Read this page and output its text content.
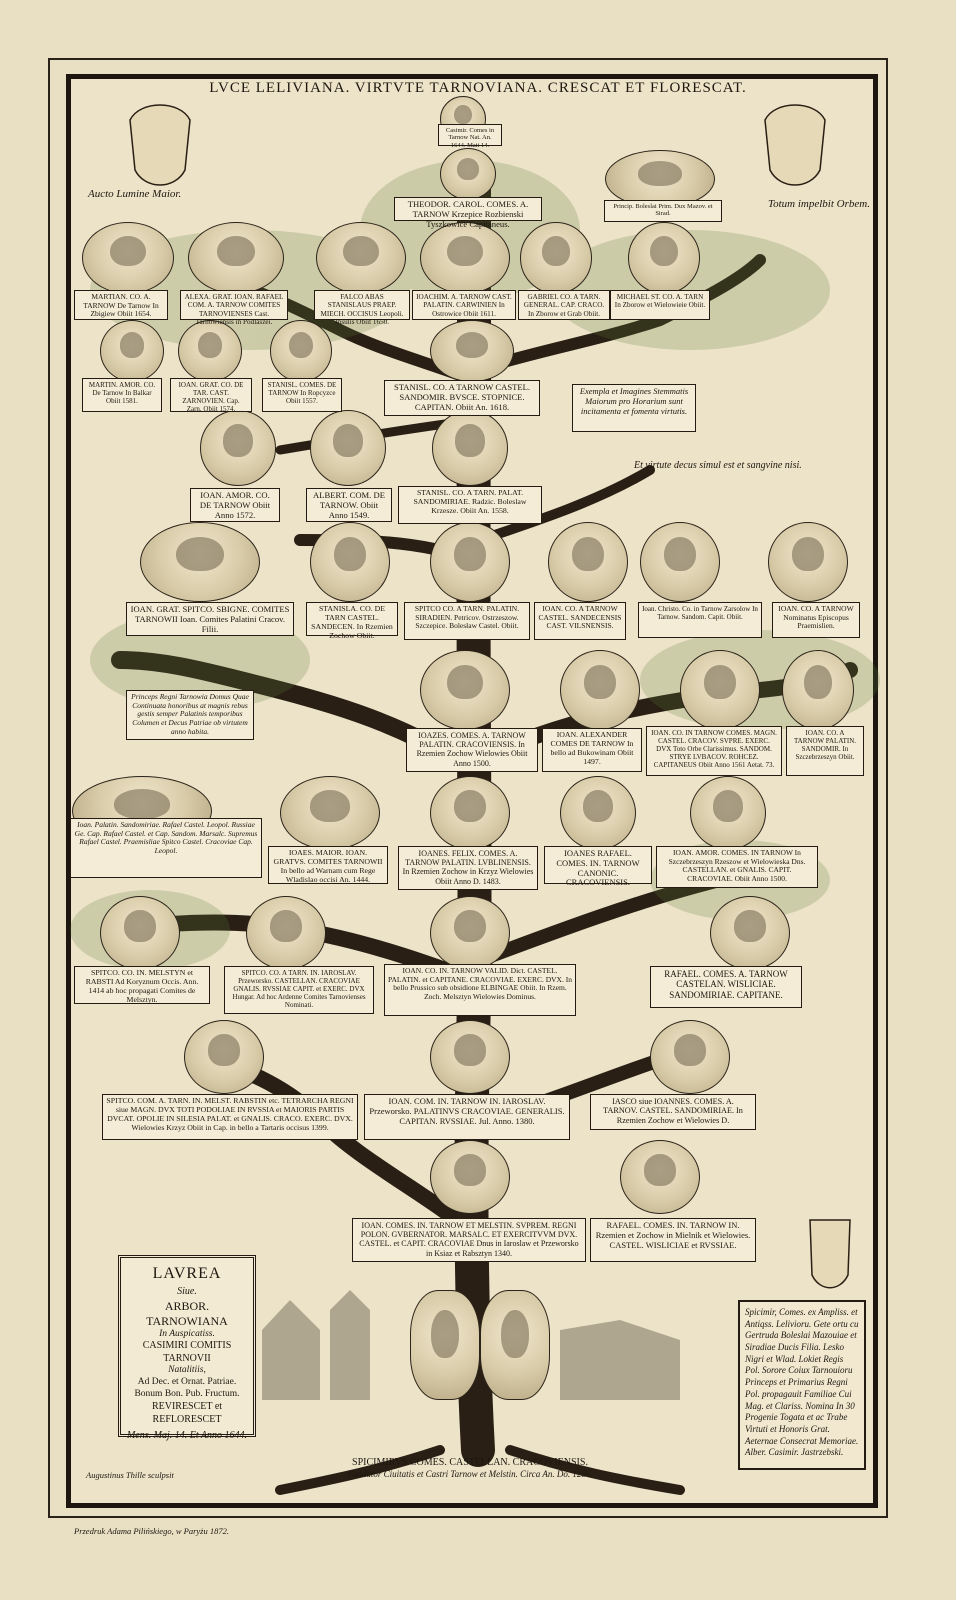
LVCE LELIVIANA. VIRTVTE TARNOVIANA. CRESCAT ET FLORESCAT.
Aucto Lumine Maior.
Totum impelbit Orbem.
Et virtute decus simul est et sangvine nisi.
Casimir. Comes in Tarnow Nat. An. 1644. Maii 14.
THEODOR. CAROL. COMES. A. TARNOW Krzepice Rozbienski Tyszkowice Capitaneus.
Princip. Boleslai Prim. Dux Mazov. et Sirad.
MARTIAN. CO. A. TARNOW De Tarnow In Zbigiew Obiit 1654.
ALEXA. GRAT. IOAN. RAFAEL COM. A. TARNOW COMITES TARNOVIENSES Cast. Tarnowiensis in Podlaszei.
FALCO ABAS STANISLAUS PRAEP. MIECH. OCCISUS Leopoli. Jnsulis Obiit 1650.
IOACHIM. A. TARNOW CAST. PALATIN. CARWINIEN In Ostrowice Obiit 1611.
GABRIEL CO. A TARN. GENERAL. CAP. CRACO. In Zborow et Grab Obiit.
MICHAEL ST. CO. A. TARN In Zborow et Wielowieie Obiit.
MARTIN. AMOR. CO. De Tarnow In Balkar Obiit 1581.
IOAN. GRAT. CO. DE TAR. CAST. ZARNOVIEN. Cap. Zarn. Obiit 1574.
STANISL. COMES. DE TARNOW In Ropcyzce Obiit 1557.
STANISL. CO. A TARNOW CASTEL. SANDOMIR. BVSCE. STOPNICE. CAPITAN. Obiit An. 1618.
Exempla et Imagines Stemmatis Maiorum pro Horarium sunt incitamenta et fomenta virtutis.
IOAN. AMOR. CO. DE TARNOW Obiit Anno 1572.
ALBERT. COM. DE TARNOW. Obiit Anno 1549.
STANISL. CO. A TARN. PALAT. SANDOMIRIAE. Radzic. Boleslaw Krzesze. Obiit An. 1558.
IOAN. GRAT. SPITCO. SBIGNE. COMITES TARNOWII Ioan. Comites Palatini Cracov. Filii.
STANISLA. CO. DE TARN CASTEL. SANDECEN. In Rzemien Zochow Obiit.
SPITCO CO. A TARN. PALATIN. SIRADIEN. Petricov. Ostrzeszow. Szczepice. Bolesław Castel. Obiit.
IOAN. CO. A TARNOW CASTEL. SANDECENSIS CAST. VILSNENSIS.
Ioan. Christo. Co. in Tarnow Zarsolow In Tarnow. Sandom. Capit. Obiit.
IOAN. CO. A TARNOW Nominatus Episcopus Praemislien.
Princeps Regni Tarnowia Domus Quae Continuata honoribus at magnis rebus gestis semper Palatinis temporibus Columen et Decus Patriae ob virtutem anno habita.	IOAZES. COMES. A. TARNOW PALATIN. CRACOVIENSIS. In Rzemien Zochow Wielowies Obiit Anno 1500.
IOAN. ALEXANDER COMES DE TARNOW In bello ad Bukowinam Obiit 1497.
IOAN. CO. IN TARNOW COMES. MAGN. CASTEL. CRACOV. SVPRE. EXERC. DVX Toto Orbe Clarissimus. SANDOM. STRYE LVBACOV. ROHCEZ. CAPITANEUS Obiit Anno 1561 Aetat. 73.
IOAN. CO. A TARNOW PALATIN. SANDOMIR. In Szczebrzeszyn Obiit.
Ioan. Palatin. Sandomiriae. Rafael Castel. Leopol. Russiae Ge. Cap. Rafael Castel. et Cap. Sandom. Marsalc. Supremus Rafael Castel. Praemisliae Spitco Castel. Cracoviae Cap. Leopol.	IOAES. MAIOR. IOAN. GRATVS. COMITES TARNOWII In bello ad Warnam cum Rege Wladislao occisi An. 1444.
IOANES. FELIX. COMES. A. TARNOW PALATIN. LVBLINENSIS. In Rzemien Zochow in Krzyz Wielowies Obiit Anno D. 1483.
IOANES RAFAEL. COMES. IN. TARNOW CANONIC. CRACOVIENSIS.
IOAN. AMOR. COMES. IN TARNOW In Szczebrzeszyn Rzeszow et Wielowieska Dns. CASTELLAN. et GNALIS. CAPIT. CRACOVIAE. Obiit Anno 1500.
SPITCO. CO. IN. MELSTYN et RABSTI Ad Koryznum Occis. Ann. 1414 ab hoc propagati Comites de Melsztyn.
SPITCO. CO. A TARN. IN. IAROSLAV. Przeworsko. CASTELLAN. CRACOVIAE GNALIS. RVSSIAE CAPIT. et EXERC. DVX Hungar. Ad hoc Ardenne Comites Tarnovienses Nominati.
IOAN. CO. IN. TARNOW VALID. Dict. CASTEL. PALATIN. et CAPITANE. CRACOVIAE. EXERC. DVX. In bello Prussico sub obsidione ELBINGAE Obiit. In Rzem. Zoch. Melsztyn Wielowies Dominus.
RAFAEL. COMES. A. TARNOW CASTELAN. WISLICIAE. SANDOMIRIAE. CAPITANE.
SPITCO. COM. A. TARN. IN. MELST. RABSTIN etc. TETRARCHA REGNI siue MAGN. DVX TOTI PODOLIAE IN RVSSIA et MAIORIS PARTIS DVCAT. OPOLIE IN SILESIA PALAT. et GNALIS. CRACO. EXERC. DVX. Wielowies Krzyz Obiit in Cap. in bello a Tartaris occisus 1399.
IOAN. COM. IN. TARNOW IN. IAROSLAV. Przeworsko. PALATINVS CRACOVIAE. GENERALIS. CAPITAN. RVSSIAE. Jul. Anno. 1380.
IASCO siue IOANNES. COMES. A. TARNOV. CASTEL. SANDOMIRIAE. In Rzemien Zochow et Wielowies D.
IOAN. COMES. IN. TARNOW ET MELSTIN. SVPREM. REGNI POLON. GVBERNATOR. MARSALC. ET EXERCITVVM DVX. CASTEL. et CAPIT. CRACOVIAE Dnus in Iaroslaw et Przeworsko in Ksiaz et Rabsztyn 1340.
RAFAEL. COMES. IN. TARNOW IN. Rzemien et Zochow in Mielnik et Wielowies. CASTEL. WISLICIAE et RVSSIAE.
LAVREA
Siue.
ARBOR. TARNOWIANA
In Auspicatiss.
CASIMIRI COMITIS TARNOVII
Natalitiis,
Ad Dec. et Ornat. Patriae.
Bonum Bon. Pub. Fructum.
REVIRESCET et REFLORESCET
Mens. Maj. 14. Et Anno 1644.
Spicimir, Comes. ex Ampliss. et Antiqss. Lelivioru. Gete ortu cu Gertruda Boleslai Mazouiae et Siradiae Ducis Filia. Lesko Nigri et Wlad. Lokiet Regis Pol. Sorore Coiux Tarnouioru Princeps et Primarius Regni Pol. propagauit Familiae Cui Mag. et Clariss. Nomina In 30 Progenie Togata et ac Trabe Virtuti et Honoris Grat. Aeternae Consecrat Memoriae. Alber. Casimir. Jastrzebski.
SPICIMIRVS COMES. CASTELLAN. CRACOVIENSIS.
Fundator Ciuitatis et Castri Tarnow et Melstin. Circa An. Do. 1286.
Augustinus Thille sculpsit
Przedruk Adama Pilińskiego, w Paryżu 1872.
